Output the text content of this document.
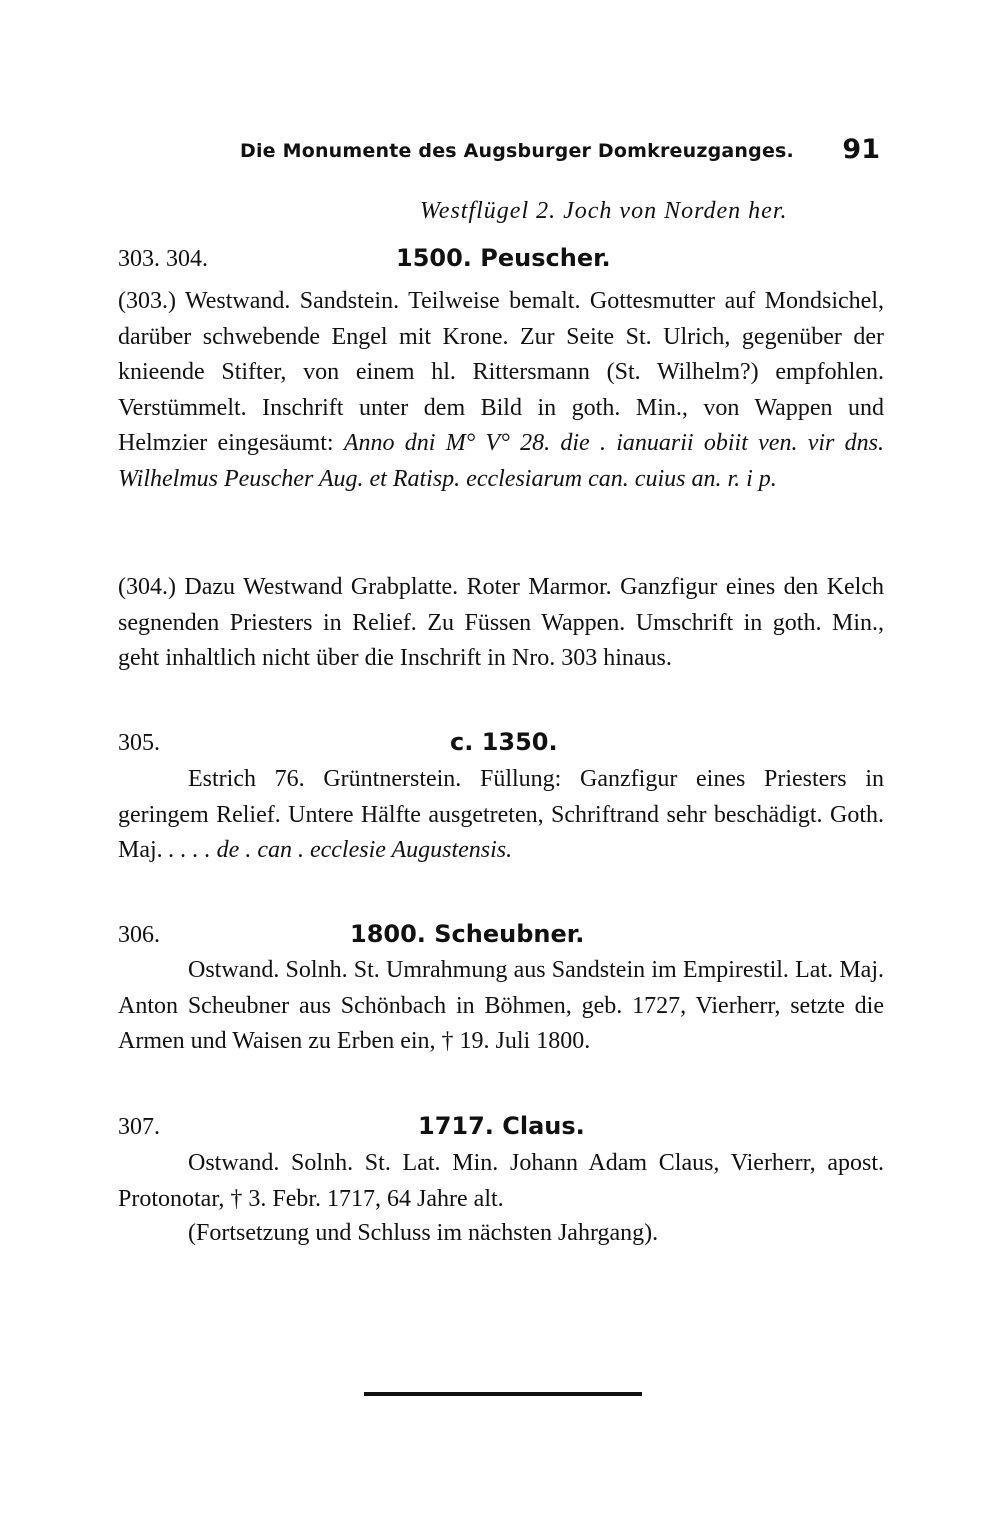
Die Monumente des Augsburger Domkreuzganges. 91
Westflügel 2. Joch von Norden her.
303. 304.	1500. Peuscher.

(303.) Westwand. Sandstein. Teilweise bemalt. Gottesmutter auf Mondsichel, darüber schwebende Engel mit Krone. Zur Seite St. Ulrich, gegenüber der knieende Stifter, von einem hl. Rittersmann (St. Wilhelm?) empfohlen. Verstümmelt. Inschrift unter dem Bild in goth. Min., von Wappen und Helmzier eingesäumt: Anno dni M° V° 28. die . ianuarii obiit ven. vir dns. Wilhelmus Peuscher Aug. et Ratisp. ecclesiarum can. cuius an. r. i p.

(304.) Dazu Westwand Grabplatte. Roter Marmor. Ganzfigur eines den Kelch segnenden Priesters in Relief. Zu Füssen Wappen. Umschrift in goth. Min., geht inhaltlich nicht über die Inschrift in Nro. 303 hinaus.

305.	c. 1350.

Estrich 76. Grüntnerstein. Füllung: Ganzfigur eines Priesters in geringem Relief. Untere Hälfte ausgetreten, Schriftrand sehr beschädigt. Goth. Maj. . . . . de . can . ecclesie Augustensis.

306.	1800. Scheubner.

Ostwand. Solnh. St. Umrahmung aus Sandstein im Empirestil. Lat. Maj. Anton Scheubner aus Schönbach in Böhmen, geb. 1727, Vierherr, setzte die Armen und Waisen zu Erben ein, † 19. Juli 1800.

307.	1717. Claus.

Ostwand. Solnh. St. Lat. Min. Johann Adam Claus, Vierherr, apost. Protonotar, † 3. Febr. 1717, 64 Jahre alt.

(Fortsetzung und Schluss im nächsten Jahrgang).
